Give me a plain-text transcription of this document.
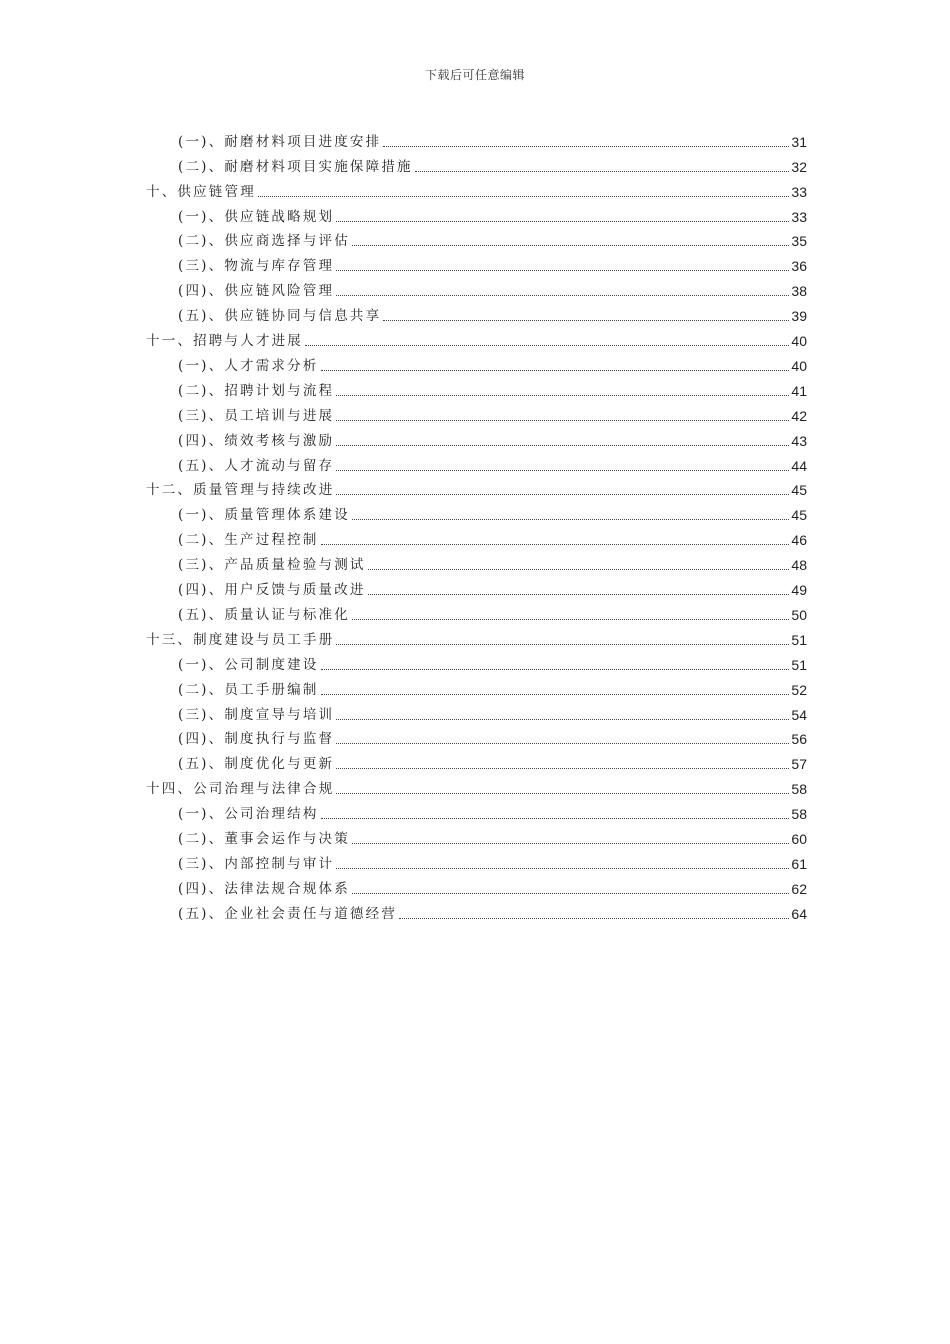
下载后可任意编辑
(一)、耐磨材料项目进度安排	31
(二)、耐磨材料项目实施保障措施	32
十、供应链管理	33
(一)、供应链战略规划	33
(二)、供应商选择与评估	35
(三)、物流与库存管理	36
(四)、供应链风险管理	38
(五)、供应链协同与信息共享	39
十一、招聘与人才进展	40
(一)、人才需求分析	40
(二)、招聘计划与流程	41
(三)、员工培训与进展	42
(四)、绩效考核与激励	43
(五)、人才流动与留存	44
十二、质量管理与持续改进	45
(一)、质量管理体系建设	45
(二)、生产过程控制	46
(三)、产品质量检验与测试	48
(四)、用户反馈与质量改进	49
(五)、质量认证与标准化	50
十三、制度建设与员工手册	51
(一)、公司制度建设	51
(二)、员工手册编制	52
(三)、制度宣导与培训	54
(四)、制度执行与监督	56
(五)、制度优化与更新	57
十四、公司治理与法律合规	58
(一)、公司治理结构	58
(二)、董事会运作与决策	60
(三)、内部控制与审计	61
(四)、法律法规合规体系	62
(五)、企业社会责任与道德经营	64
